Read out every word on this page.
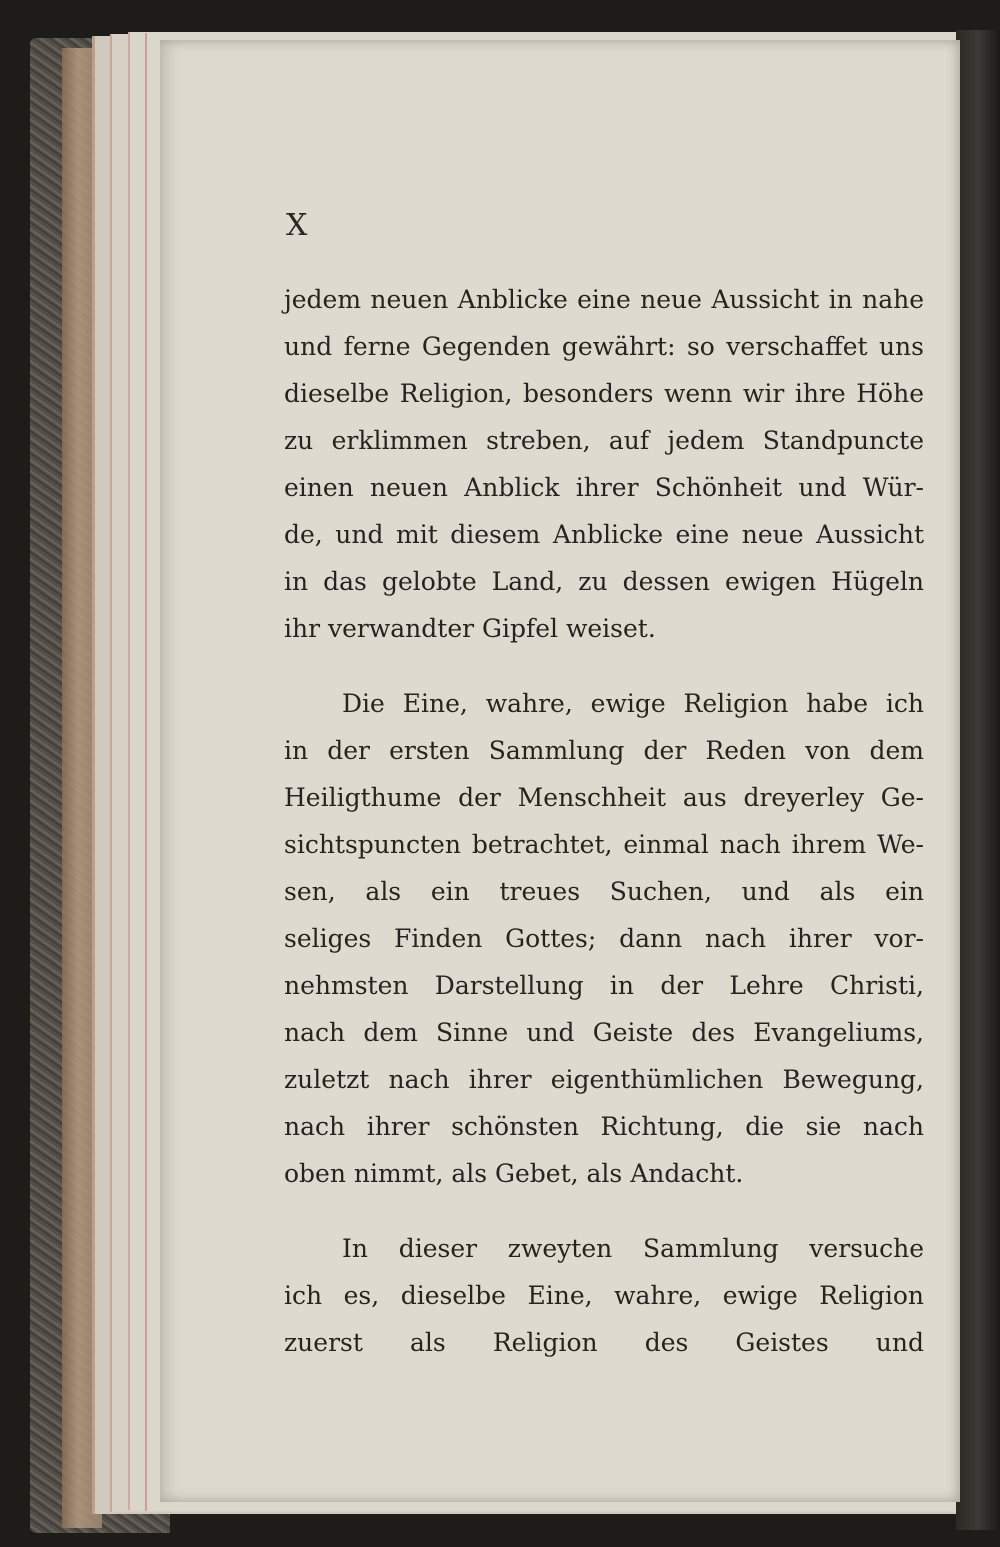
X
jedem neuen Anblicke eine neue Aussicht in nahe
und ferne Gegenden gewährt: so verschaffet uns
dieselbe Religion, besonders wenn wir ihre Höhe
zu erklimmen streben, auf jedem Standpuncte
einen neuen Anblick ihrer Schönheit und Wür-
de, und mit diesem Anblicke eine neue Aussicht
in das gelobte Land, zu dessen ewigen Hügeln
ihr verwandter Gipfel weiset.
Die Eine, wahre, ewige Religion habe ich
in der ersten Sammlung der Reden von dem
Heiligthume der Menschheit aus dreyerley Ge-
sichtspuncten betrachtet, einmal nach ihrem We-
sen, als ein treues Suchen, und als ein
seliges Finden Gottes; dann nach ihrer vor-
nehmsten Darstellung in der Lehre Christi,
nach dem Sinne und Geiste des Evangeliums,
zuletzt nach ihrer eigenthümlichen Bewegung,
nach ihrer schönsten Richtung, die sie nach
oben nimmt, als Gebet, als Andacht.
In dieser zweyten Sammlung versuche
ich es, dieselbe Eine, wahre, ewige Religion
zuerst als Religion des Geistes und
